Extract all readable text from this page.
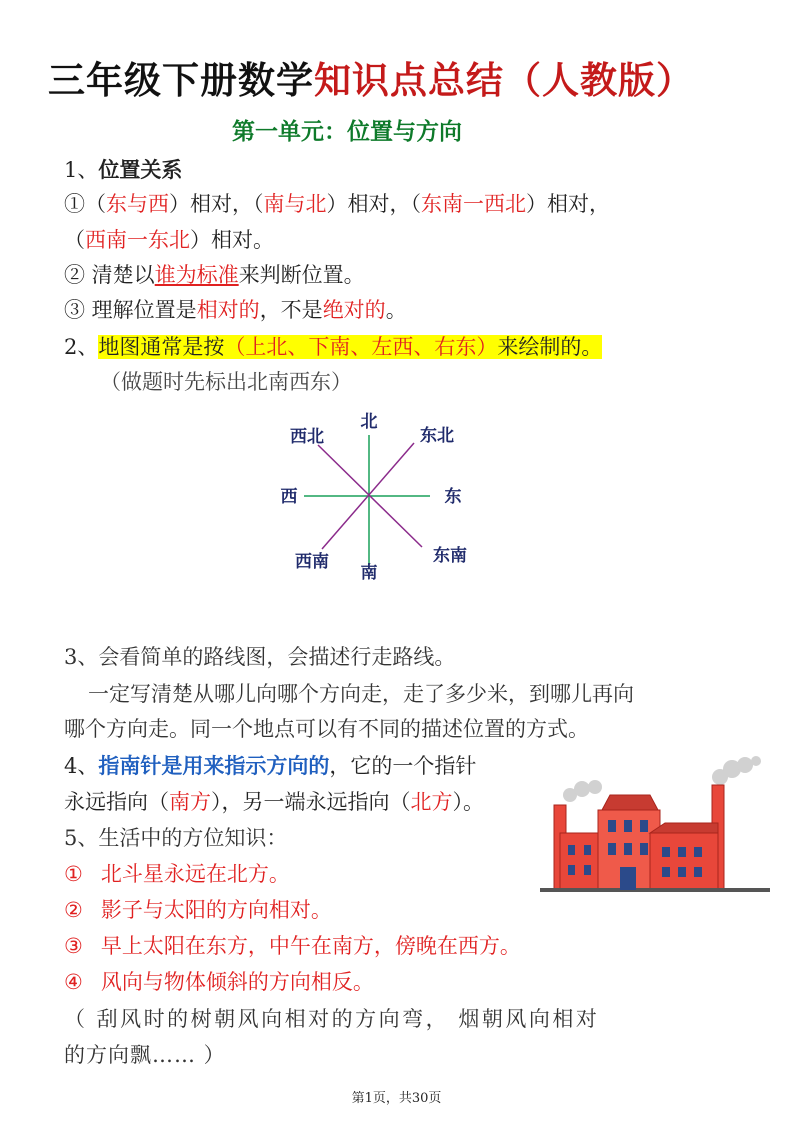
三年级下册数学知识点总结（人教版）
第一单元：位置与方向
1、位置关系
①（东与西）相对，（南与北）相对，（东南一西北）相对，
（西南一东北）相对。
② 清楚以谁为标准来判断位置。
③ 理解位置是相对的，不是绝对的。
2、地图通常是按（上北、下南、左西、右东）来绘制的。
（做题时先标出北南西东）
北
南
东
西
东北
西北
东南
西南
3、会看简单的路线图，会描述行走路线。
一定写清楚从哪儿向哪个方向走，走了多少米，到哪儿再向
哪个方向走。同一个地点可以有不同的描述位置的方式。
4、指南针是用来指示方向的，它的一个指针
永远指向（南方），另一端永远指向（北方）。
5、生活中的方位知识：
① 北斗星永远在北方。
② 影子与太阳的方向相对。
③ 早上太阳在东方，中午在南方，傍晚在西方。
④ 风向与物体倾斜的方向相反。
（ 刮风时的树朝风向相对的方向弯， 烟朝风向相对
的方向飘…… ）
第1页，共30页
